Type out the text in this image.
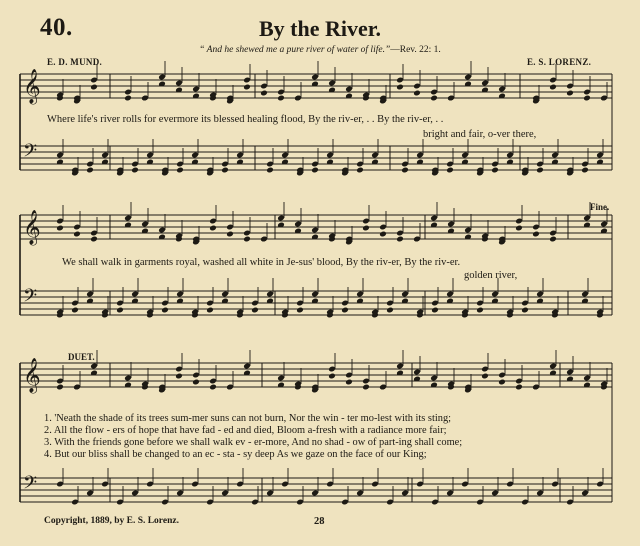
𝄞
𝄢
𝄞
𝄢
𝄞
𝄢
40.	By the River.
“ And he shewed me a pure river of water of life.”—Rev. 22: 1.
E. D. MUND.	E. S. LORENZ.
Where life's river rolls for evermore its blessed healing flood, By the riv-er, . . By the riv-er, . .
bright and fair, o-ver there,
We shall walk in garments royal, washed all white in Je-sus' blood, By the riv-er, By the riv-er.
golden river,
Fine.
DUET.
1. 'Neath the shade of its trees sum-mer suns can not burn, Nor the win - ter mo-lest with its sting;
2. All the flow - ers of hope that have fad - ed and died, Bloom a-fresh with a radiance more fair;
3. With the friends gone before we shall walk ev - er-more, And no shad - ow of part-ing shall come;
4. But our bliss shall be changed to an ec - sta - sy deep As we gaze on the face of our King;
Copyright, 1889, by E. S. Lorenz.	28
